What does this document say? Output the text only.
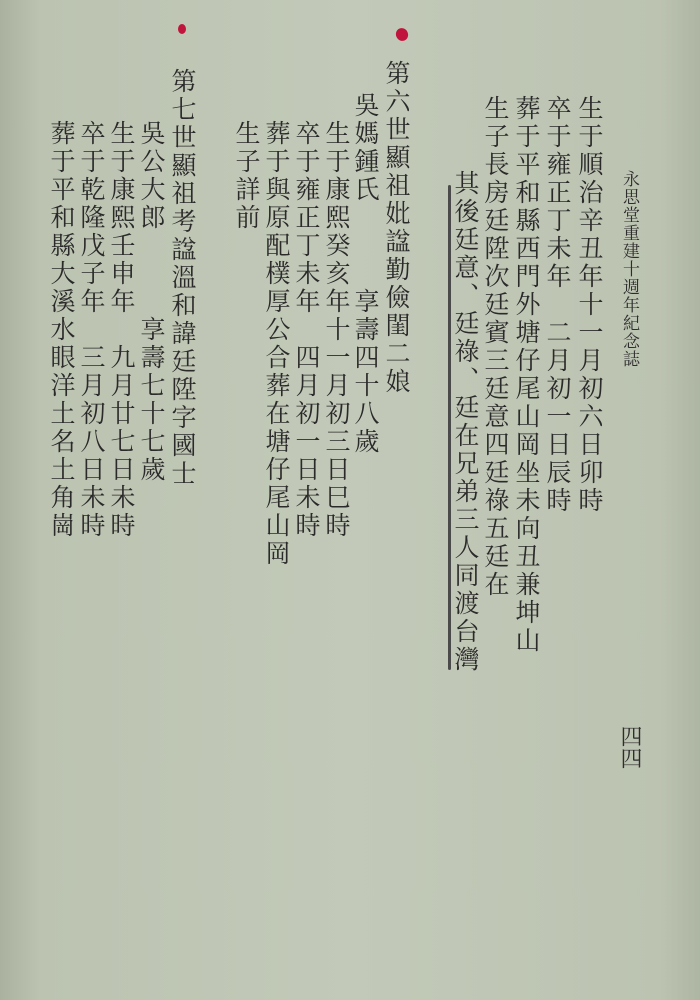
永思堂重建十週年紀念誌
生于順治辛丑年十一月初六日卯時
卒于雍正丁未年　二月初一日辰時
葬于平和縣西門外塘仔尾山岡坐未向丑兼坤山
生子長房廷陞次廷賓三廷意四廷祿五廷在
其後廷意、廷祿、廷在兄弟三人同渡台灣
第六世顯祖妣諡勤儉閨二娘
吳媽鍾氏　　　享壽四十八歲
生于康熙癸亥年十一月初三日巳時
卒于雍正丁未年　四月初一日未時
葬于與原配樸厚公合葬在塘仔尾山岡
生子詳前
第七世顯祖考諡溫和諱廷陞字國士
吳公大郎　　　享壽七十七歲
生于康熙壬申年　九月廿七日未時
卒于乾隆戊子年　三月初八日未時
葬于平和縣大溪水眼洋土名土角崗
四四
